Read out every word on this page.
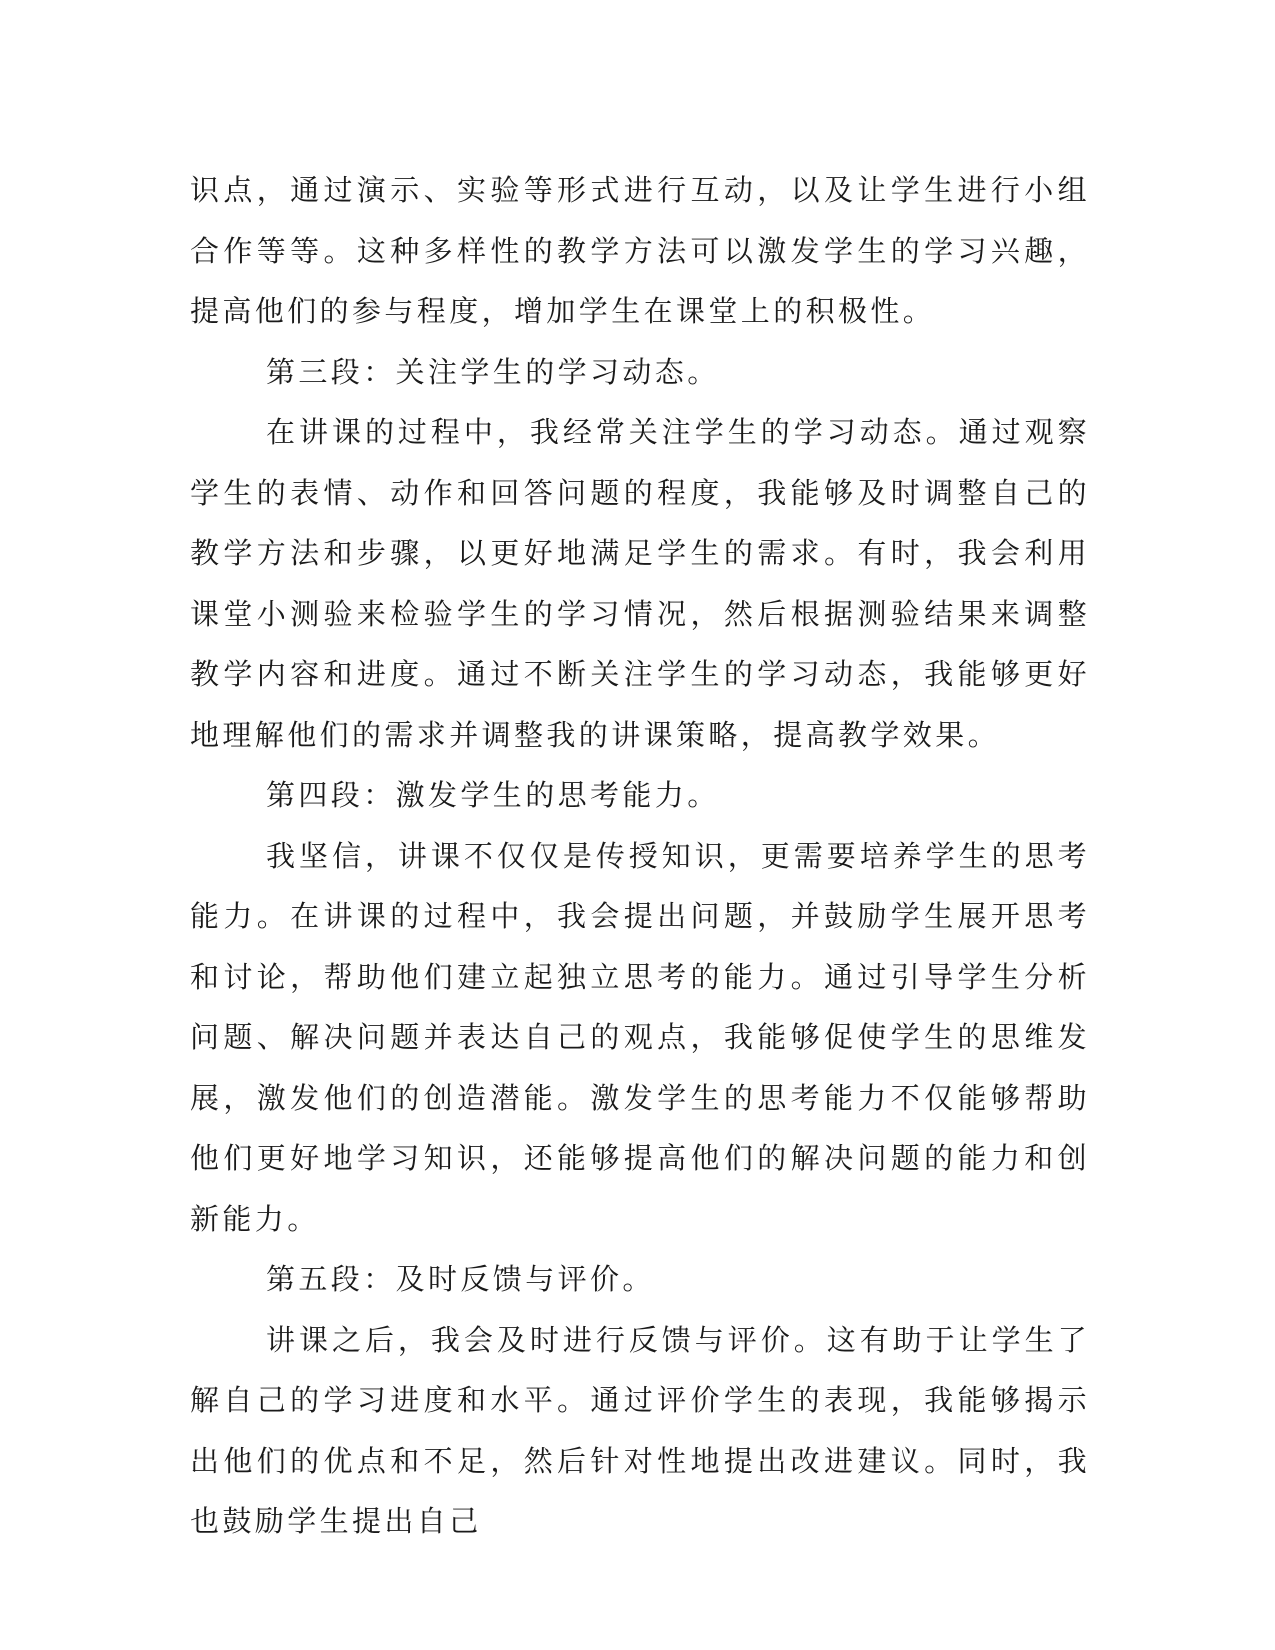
识点，通过演示、实验等形式进行互动，以及让学生进行小组合作等等。这种多样性的教学方法可以激发学生的学习兴趣，提高他们的参与程度，增加学生在课堂上的积极性。

第三段：关注学生的学习动态。

在讲课的过程中，我经常关注学生的学习动态。通过观察学生的表情、动作和回答问题的程度，我能够及时调整自己的教学方法和步骤，以更好地满足学生的需求。有时，我会利用课堂小测验来检验学生的学习情况，然后根据测验结果来调整教学内容和进度。通过不断关注学生的学习动态，我能够更好地理解他们的需求并调整我的讲课策略，提高教学效果。

第四段：激发学生的思考能力。

我坚信，讲课不仅仅是传授知识，更需要培养学生的思考能力。在讲课的过程中，我会提出问题，并鼓励学生展开思考和讨论，帮助他们建立起独立思考的能力。通过引导学生分析问题、解决问题并表达自己的观点，我能够促使学生的思维发展，激发他们的创造潜能。激发学生的思考能力不仅能够帮助他们更好地学习知识，还能够提高他们的解决问题的能力和创新能力。

第五段：及时反馈与评价。

讲课之后，我会及时进行反馈与评价。这有助于让学生了解自己的学习进度和水平。通过评价学生的表现，我能够揭示出他们的优点和不足，然后针对性地提出改进建议。同时，我也鼓励学生提出自己
